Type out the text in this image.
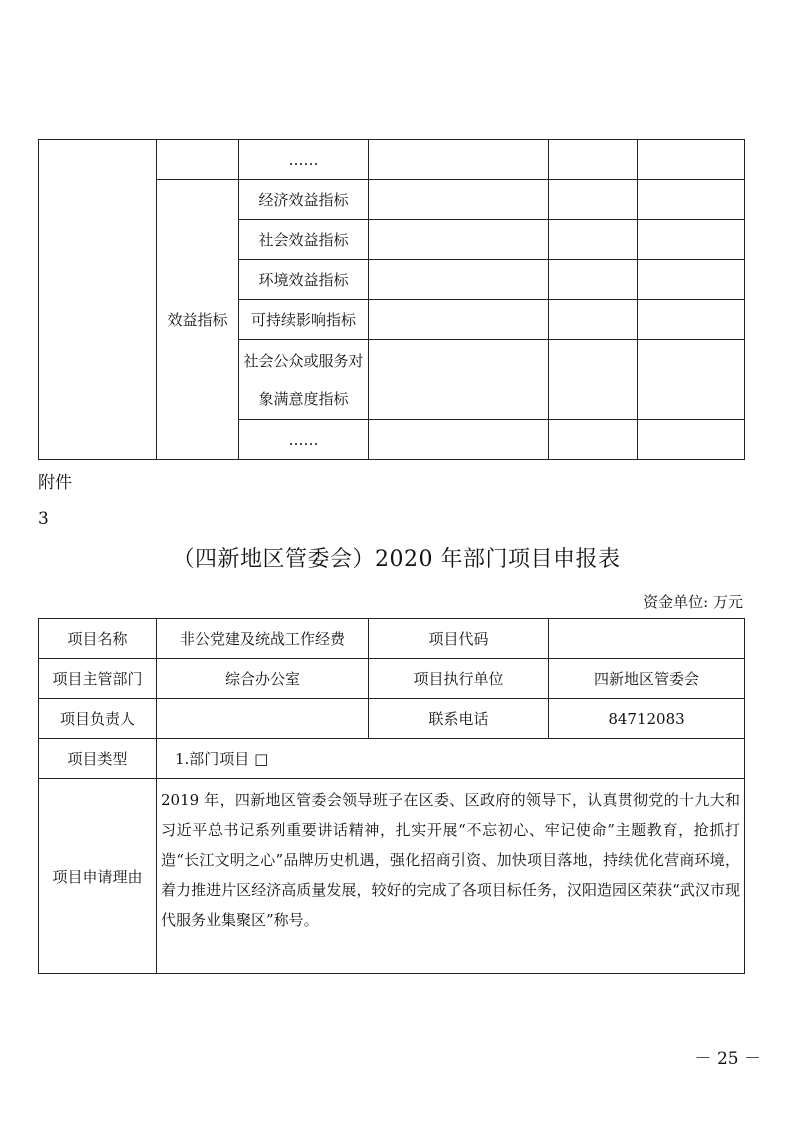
		……			
	效益指标	经济效益指标			
		社会效益指标			
		环境效益指标			
		可持续影响指标			
		社会公众或服务对象满意度指标			
		……			
附件
3
（四新地区管委会）2020 年部门项目申报表
资金单位: 万元
项目名称	非公党建及统战工作经费	项目代码	
项目主管部门	综合办公室	项目执行单位	四新地区管委会
项目负责人		联系电话	84712083
项目类型	1.部门项目 □		
项目申请理由	2019 年，四新地区管委会领导班子在区委、区政府的领导下，认真贯彻党的十九大和习近平总书记系列重要讲话精神，扎实开展“不忘初心、牢记使命”主题教育，抢抓打造“长江文明之心”品牌历史机遇，强化招商引资、加快项目落地，持续优化营商环境，着力推进片区经济高质量发展，较好的完成了各项目标任务，汉阳造园区荣获“武汉市现代服务业集聚区”称号。		
－ 25 －
